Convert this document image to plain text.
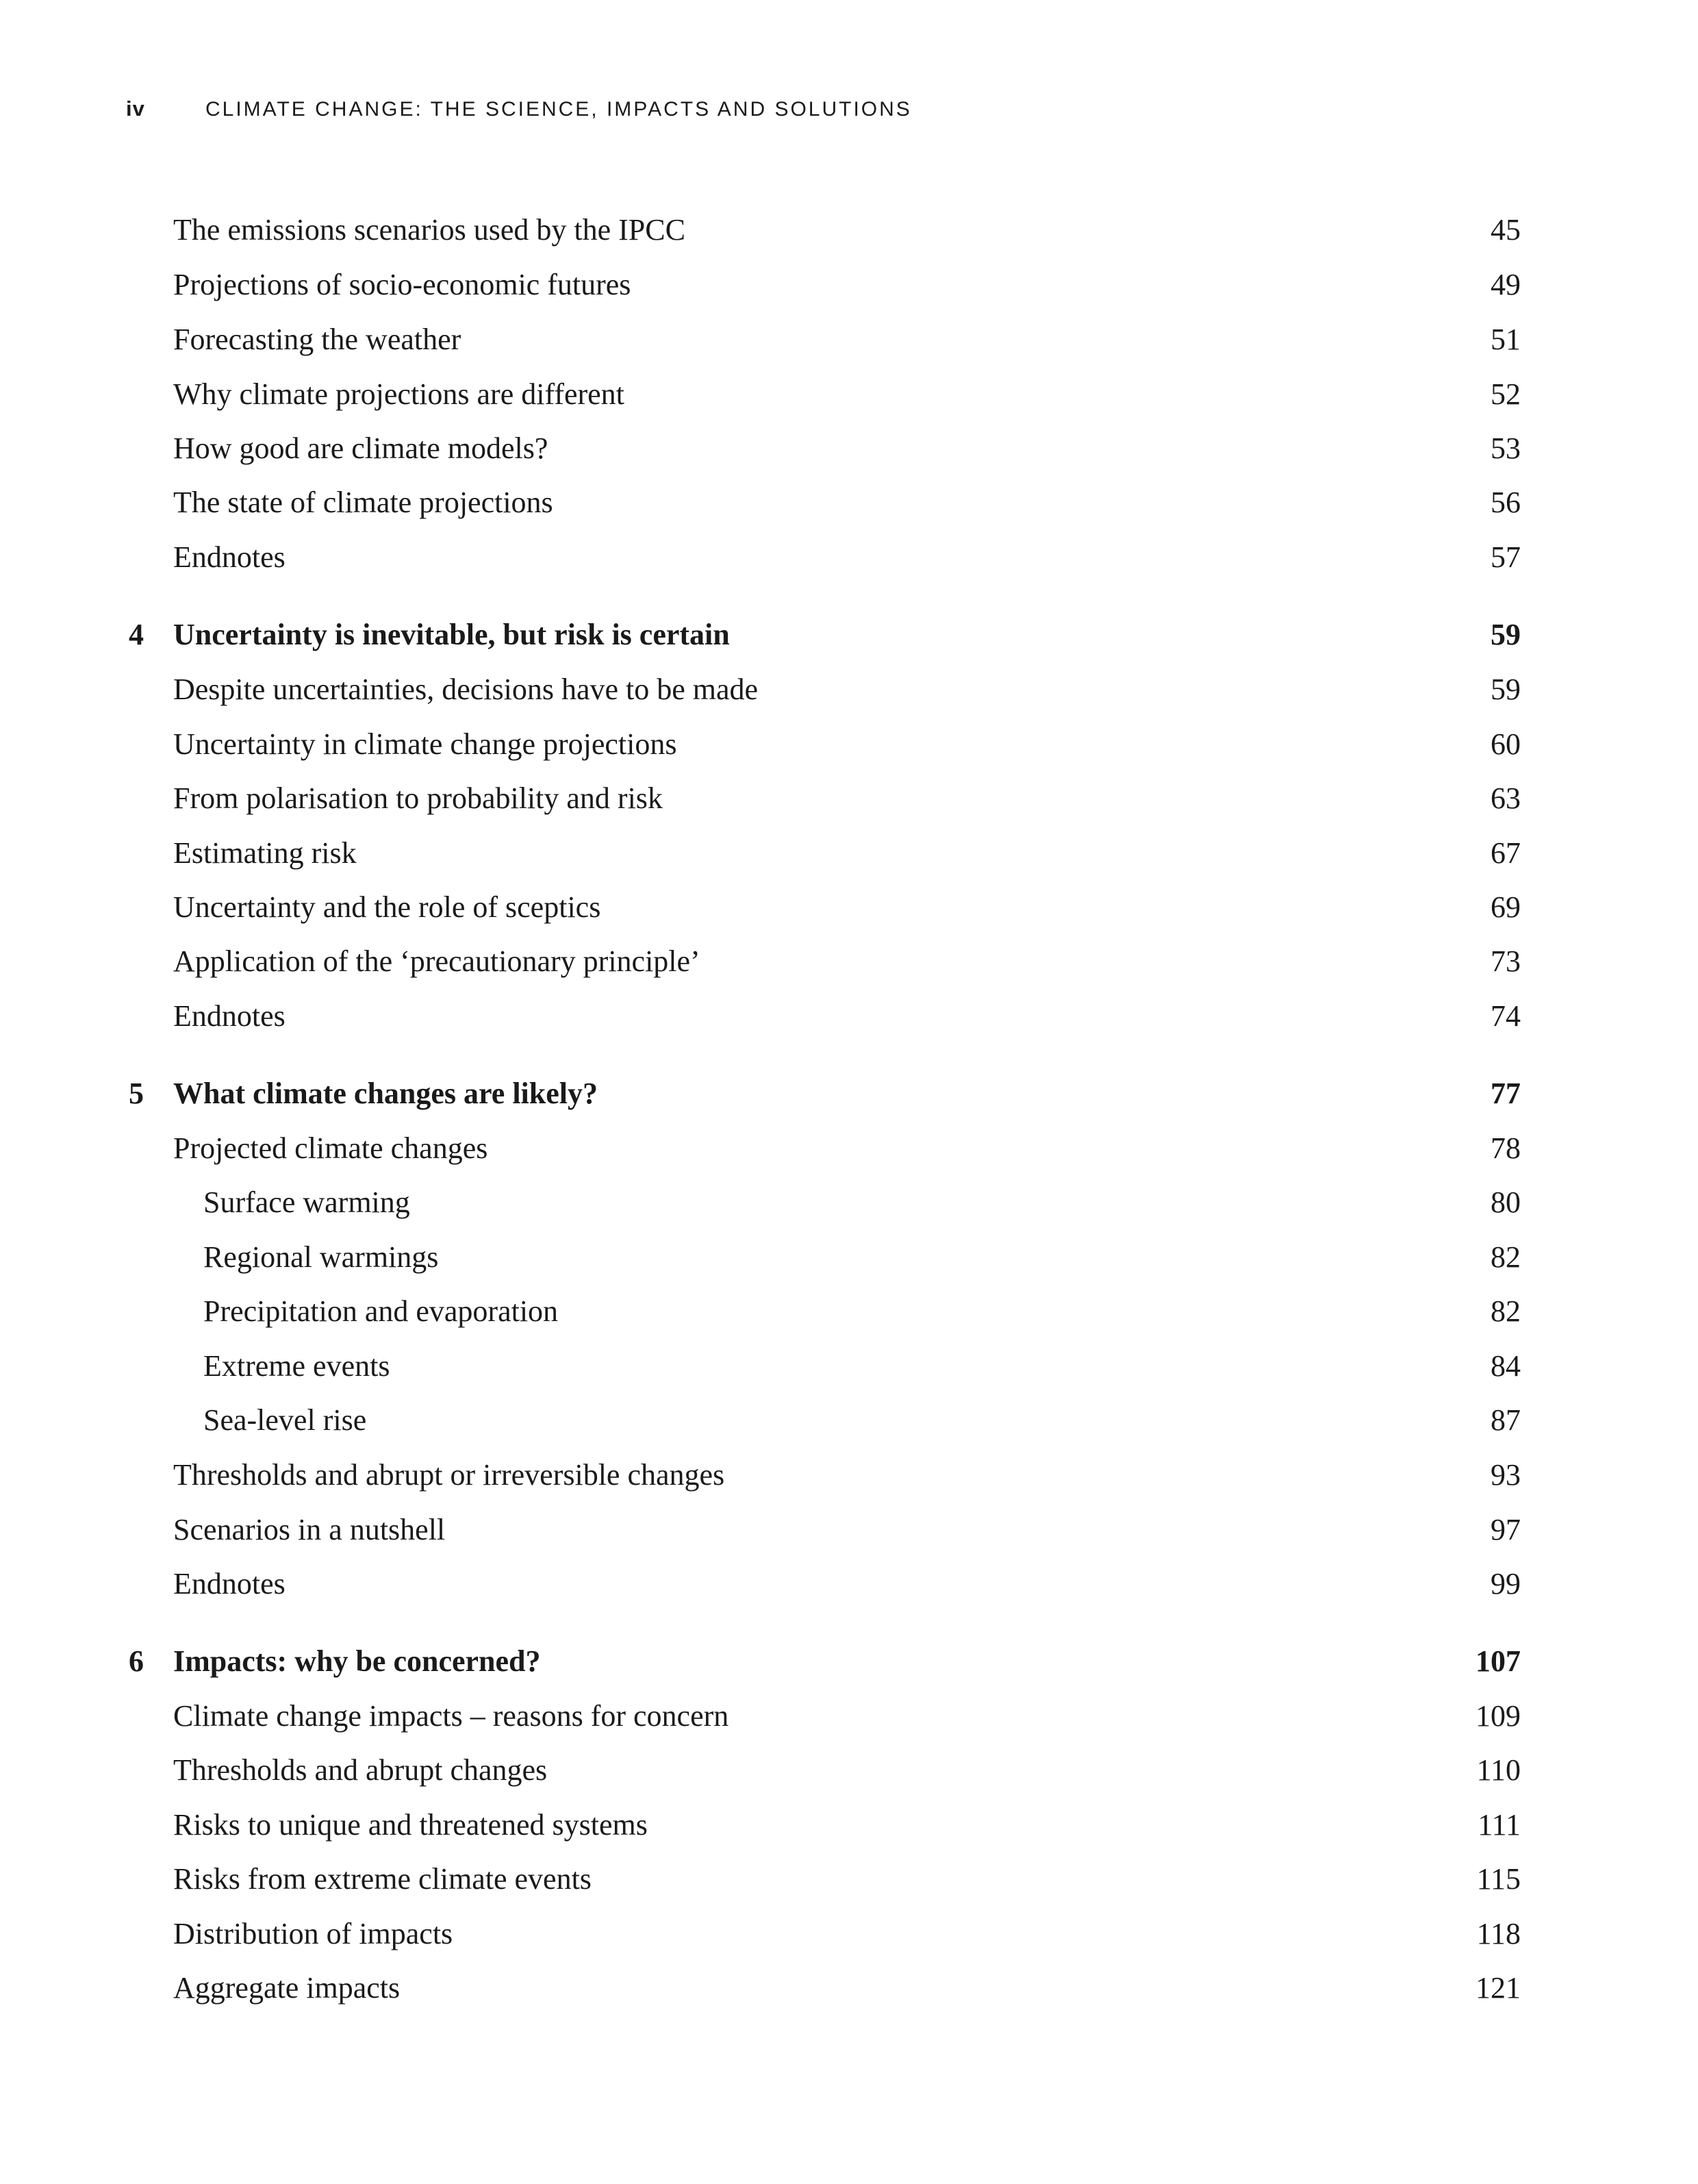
iv	CLIMATE CHANGE: THE SCIENCE, IMPACTS AND SOLUTIONS
The emissions scenarios used by the IPCC	45
Projections of socio-economic futures	49
Forecasting the weather	51
Why climate projections are different	52
How good are climate models?	53
The state of climate projections	56
Endnotes	57
4 Uncertainty is inevitable, but risk is certain	59
Despite uncertainties, decisions have to be made	59
Uncertainty in climate change projections	60
From polarisation to probability and risk	63
Estimating risk	67
Uncertainty and the role of sceptics	69
Application of the ‘precautionary principle’	73
Endnotes	74
5 What climate changes are likely?	77
Projected climate changes	78
Surface warming	80
Regional warmings	82
Precipitation and evaporation	82
Extreme events	84
Sea-level rise	87
Thresholds and abrupt or irreversible changes	93
Scenarios in a nutshell	97
Endnotes	99
6 Impacts: why be concerned?	107
Climate change impacts – reasons for concern	109
Thresholds and abrupt changes	110
Risks to unique and threatened systems	111
Risks from extreme climate events	115
Distribution of impacts	118
Aggregate impacts	121
